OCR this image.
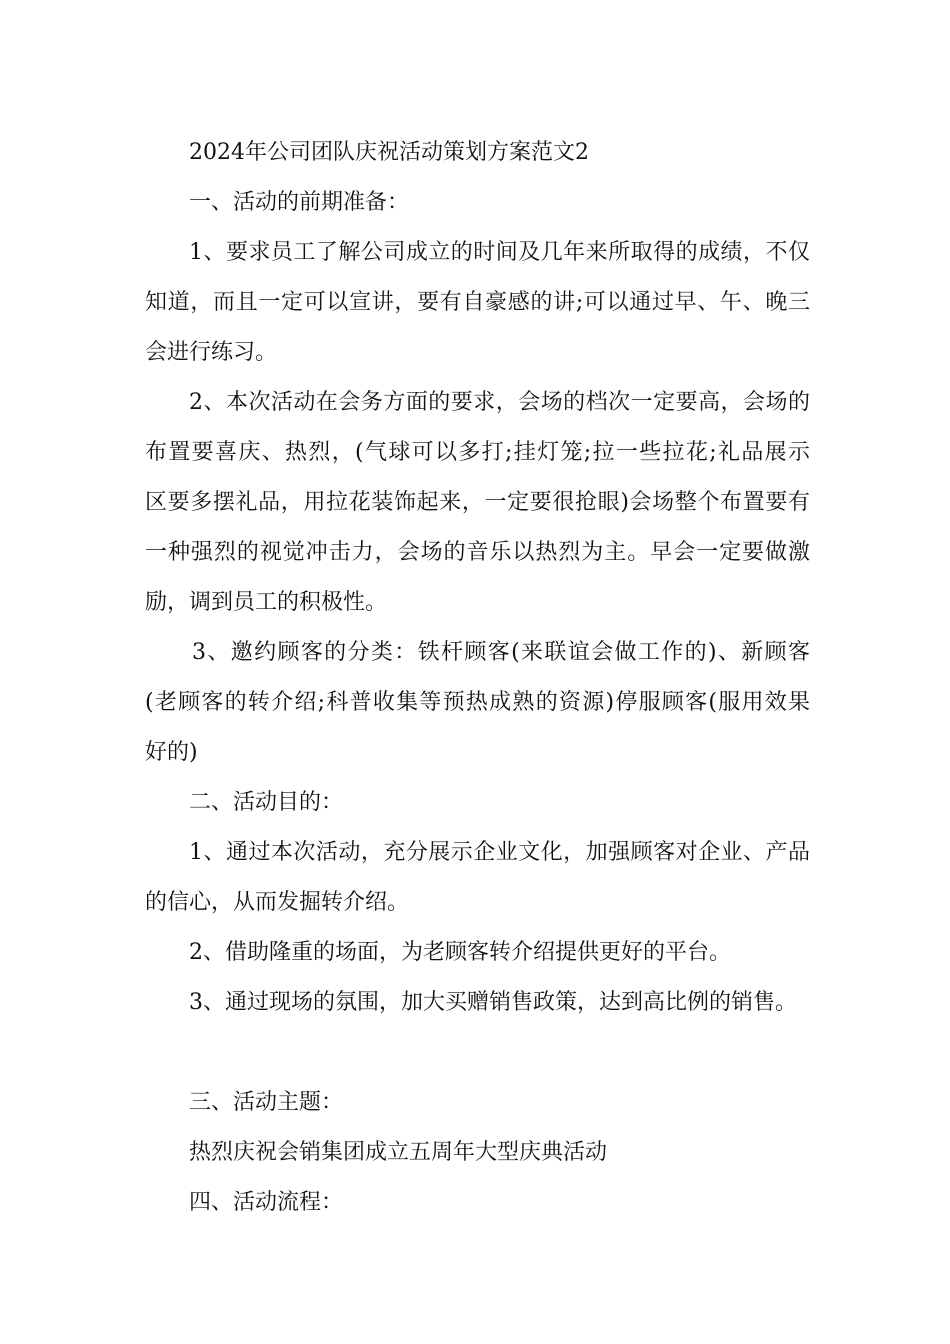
2024年公司团队庆祝活动策划方案范文2
一、活动的前期准备：
1、要求员工了解公司成立的时间及几年来所取得的成绩，不仅
知道，而且一定可以宣讲，要有自豪感的讲;可以通过早、午、晚三
会进行练习。
2、本次活动在会务方面的要求，会场的档次一定要高，会场的
布置要喜庆、热烈，(气球可以多打;挂灯笼;拉一些拉花;礼品展示
区要多摆礼品，用拉花装饰起来，一定要很抢眼)会场整个布置要有
一种强烈的视觉冲击力，会场的音乐以热烈为主。早会一定要做激
励，调到员工的积极性。
3、邀约顾客的分类：铁杆顾客(来联谊会做工作的)、新顾客
(老顾客的转介绍;科普收集等预热成熟的资源)停服顾客(服用效果
好的)
二、活动目的：
1、通过本次活动，充分展示企业文化，加强顾客对企业、产品
的信心，从而发掘转介绍。
2、借助隆重的场面，为老顾客转介绍提供更好的平台。
3、通过现场的氛围，加大买赠销售政策，达到高比例的销售。
三、活动主题：
热烈庆祝会销集团成立五周年大型庆典活动
四、活动流程：
